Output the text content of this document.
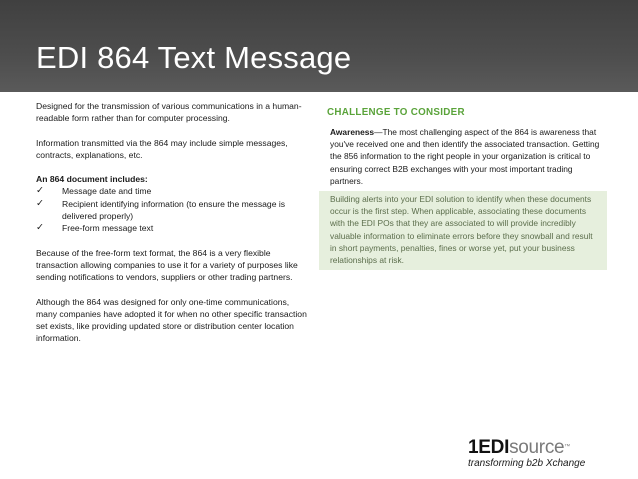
EDI 864 Text Message

Designed for the transmission of various communications in a human-readable form rather than for computer processing.

Information transmitted via the 864 may include simple messages, contracts, explanations, etc.

An 864 document includes:

✓ Message date and time
✓ Recipient identifying information (to ensure the message is delivered properly)
✓ Free-form message text

Because of the free-form text format, the 864 is a very flexible transaction allowing companies to use it for a variety of purposes like sending notifications to vendors, suppliers or other trading partners.

Although the 864 was designed for only one-time communications, many companies have adopted it for when no other specific transaction set exists, like providing updated store or distribution center location information.

CHALLENGE TO CONSIDER
Awareness—The most challenging aspect of the 864 is awareness that you've received one and then identify the associated transaction. Getting the 856 information to the right people in your organization is critical to ensuring correct B2B exchanges with your most important trading partners.
Building alerts into your EDI solution to identify when these documents occur is the first step. When applicable, associating these documents with the EDI POs that they are associated to will provide incredibly valuable information to eliminate errors before they snowball and result in short payments, penalties, fines or worse yet, put your business relationships at risk.
1EDIsource™
transforming b2b Xchange
